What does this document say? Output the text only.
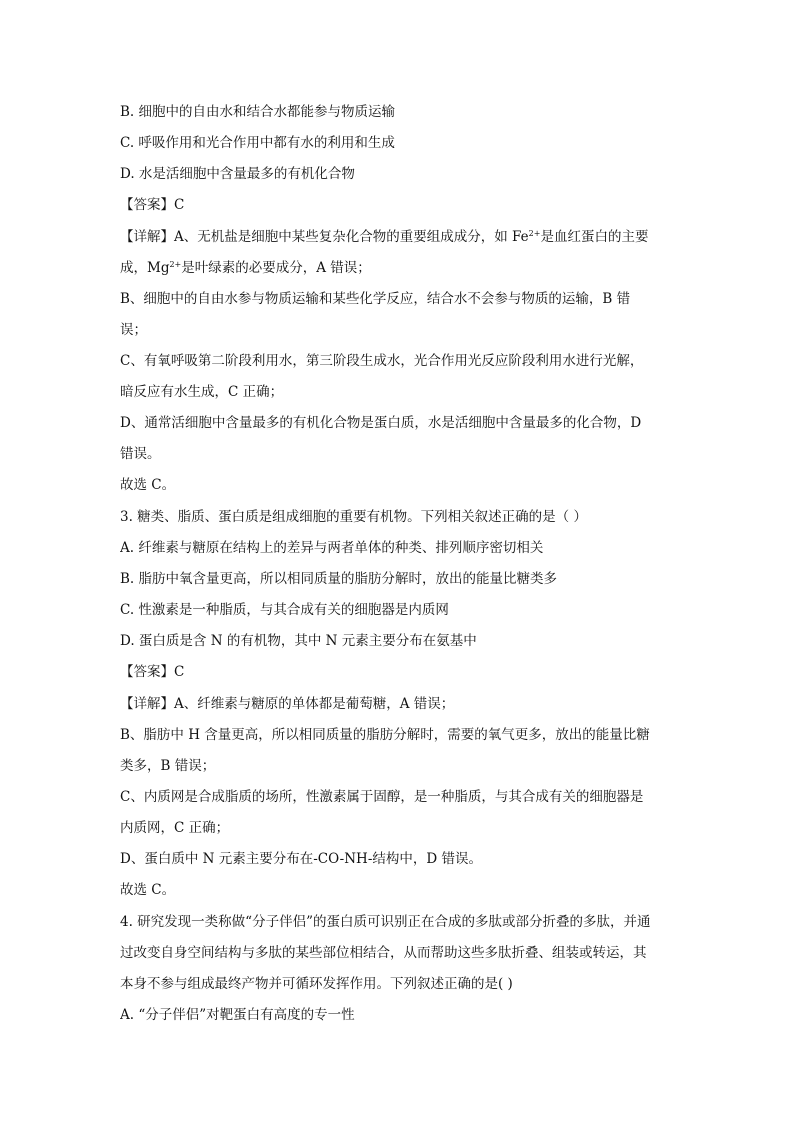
B. 细胞中的自由水和结合水都能参与物质运输
C. 呼吸作用和光合作用中都有水的利用和生成
D. 水是活细胞中含量最多的有机化合物
【答案】C
【详解】A、无机盐是细胞中某些复杂化合物的重要组成成分，如 $Fe^{2+}$是血红蛋白的主要
成，$Mg^{2+}$是叶绿素的必要成分，A 错误；
B、细胞中的自由水参与物质运输和某些化学反应，结合水不会参与物质的运输，B 错
误；
C、有氧呼吸第二阶段利用水，第三阶段生成水，光合作用光反应阶段利用水进行光解，
暗反应有水生成，C 正确；
D、通常活细胞中含量最多的有机化合物是蛋白质，水是活细胞中含量最多的化合物，D
错误。
故选 C。
3. 糖类、脂质、蛋白质是组成细胞的重要有机物。下列相关叙述正确的是（ ）
A. 纤维素与糖原在结构上的差异与两者单体的种类、排列顺序密切相关
B. 脂肪中氧含量更高，所以相同质量的脂肪分解时，放出的能量比糖类多
C. 性激素是一种脂质，与其合成有关的细胞器是内质网
D. 蛋白质是含 N 的有机物，其中 N 元素主要分布在氨基中
【答案】C
【详解】A、纤维素与糖原的单体都是葡萄糖，A 错误；
B、脂肪中 H 含量更高，所以相同质量的脂肪分解时，需要的氧气更多，放出的能量比糖
类多，B 错误；
C、内质网是合成脂质的场所，性激素属于固醇，是一种脂质，与其合成有关的细胞器是
内质网，C 正确；
D、蛋白质中 N 元素主要分布在-CO-NH-结构中，D 错误。
故选 C。
4. 研究发现一类称做“分子伴侣”的蛋白质可识别正在合成的多肽或部分折叠的多肽，并通
过改变自身空间结构与多肽的某些部位相结合，从而帮助这些多肽折叠、组装或转运，其
本身不参与组成最终产物并可循环发挥作用。下列叙述正确的是( )
A. “分子伴侣”对靶蛋白有高度的专一性
